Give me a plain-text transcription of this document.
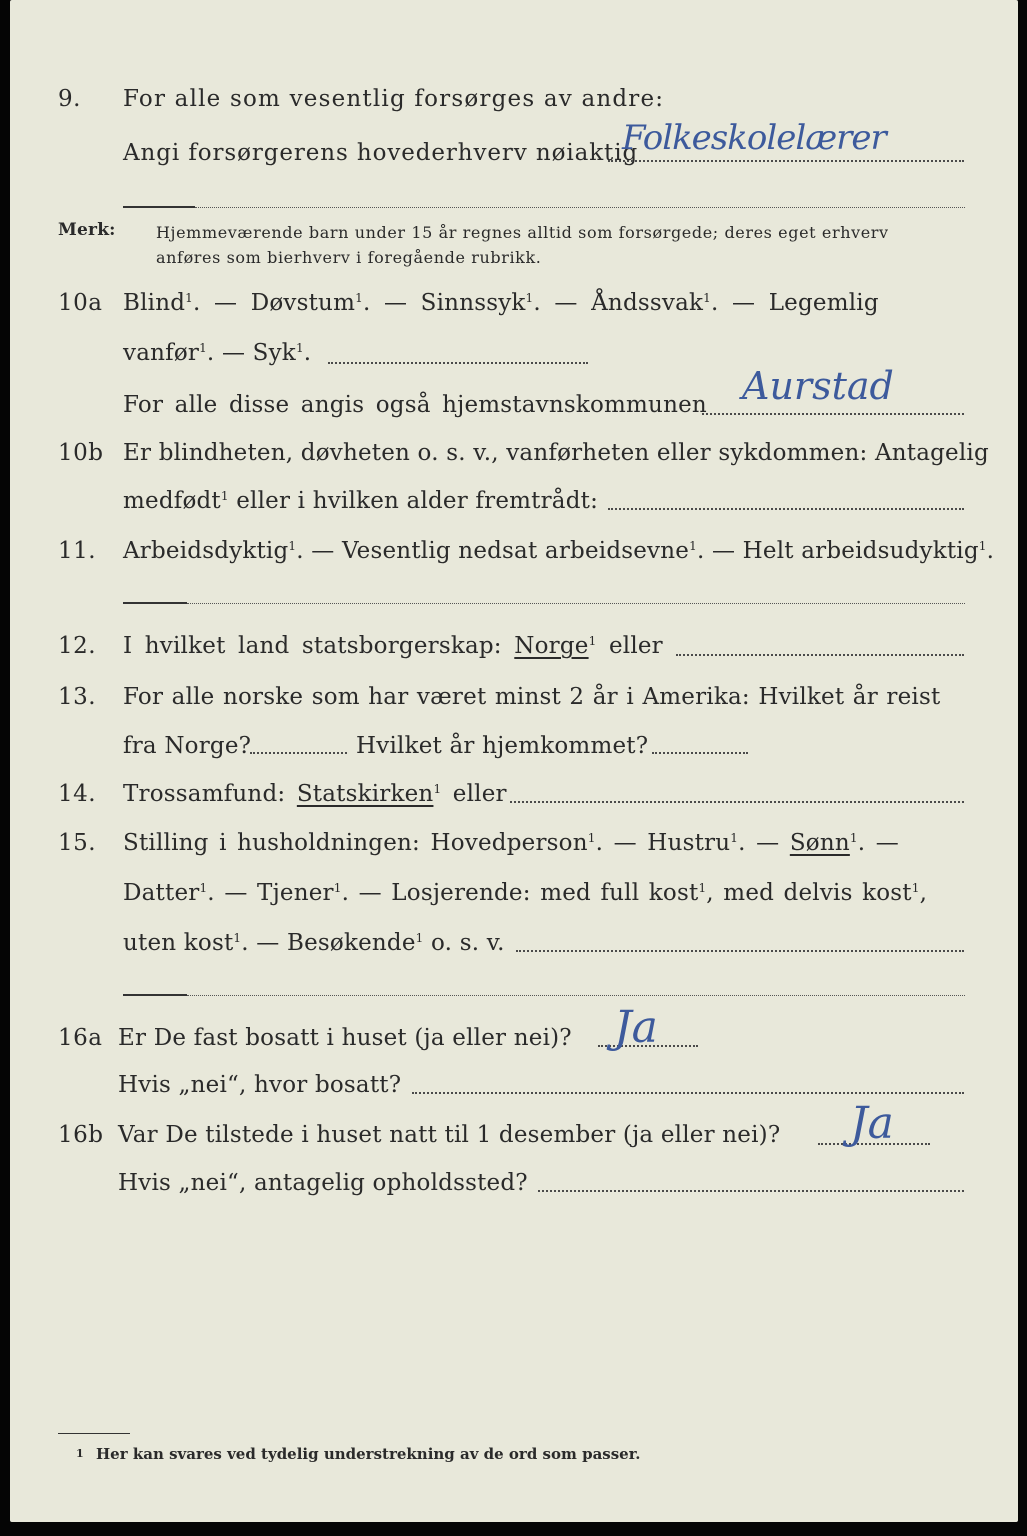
9. For alle som vesentlig forsørges av andre:
Angi forsørgerens hovederhverv nøiaktig
Folkeskolelærer
Merk:	Hjemmeværende barn under 15 år regnes alltid som forsørgede; deres eget erhverv
anføres som bierhverv i foregående rubrikk.
10a Blind$^1$. — Døvstum$^1$. — Sinnssyk$^1$. — Åndssvak$^1$. — Legemlig
vanfør$^1$. — Syk$^1$.
For alle disse angis også hjemstavnskommunen Aurstad
10b Er blindheten, døvheten o. s. v., vanførheten eller sykdommen: Antagelig
medfødt$^1$ eller i hvilken alder fremtrådt:
11. Arbeidsdyktig$^1$. — Vesentlig nedsat arbeidsevne$^1$. — Helt arbeidsudyktig$^1$.
12. I hvilket land statsborgerskap: Norge$^1$ eller
13. For alle norske som har været minst 2 år i Amerika: Hvilket år reist
fra Norge?	Hvilket år hjemkommet?
14. Trossamfund: Statskirken$^1$ eller
15. Stilling i husholdningen: Hovedperson$^1$. — Hustru$^1$. — Sønn$^1$. —
Datter$^1$. — Tjener$^1$. — Losjerende: med full kost$^1$, med delvis kost$^1$,
uten kost$^1$. — Besøkende$^1$ o. s. v.
16a Er De fast bosatt i huset (ja eller nei)? Ja
Hvis „nei“, hvor bosatt?
16b Var De tilstede i huset natt til 1 desember (ja eller nei)? Ja
Hvis „nei“, antagelig opholdssted?
1 Her kan svares ved tydelig understrekning av de ord som passer.
